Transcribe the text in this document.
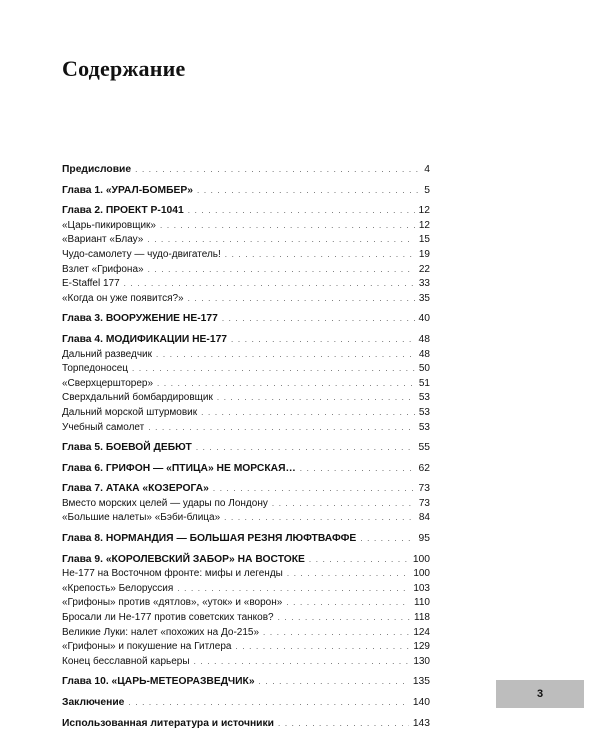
Содержание
Предисловие . . .	4
Глава 1. «УРАЛ-БОМБЕР» . . .	5
Глава 2. ПРОЕКТ P-1041 . . .	12
«Царь-пикировщик» . . .	12
«Вариант «Блау» . . .	15
Чудо-самолету — чудо-двигатель! . . .	19
Взлет «Грифона» . . .	22
E-Staffel 177 . . .	33
«Когда он уже появится?» . . .	35
Глава 3. ВООРУЖЕНИЕ НЕ-177 . . .	40
Глава 4. МОДИФИКАЦИИ НЕ-177 . . .	48
Дальний разведчик . . .	48
Торпедоносец . . .	50
«Сверхцершторер» . . .	51
Сверхдальний бомбардировщик . . .	53
Дальний морской штурмовик . . .	53
Учебный самолет . . .	53
Глава 5. БОЕВОЙ ДЕБЮТ . . .	55
Глава 6. ГРИФОН — «ПТИЦА» НЕ МОРСКАЯ… . . .	62
Глава 7. АТАКА «КОЗЕРОГА» . . .	73
Вместо морских целей — удары по Лондону . . .	73
«Большие налеты» «Бэби-блица» . . .	84
Глава 8. НОРМАНДИЯ — БОЛЬШАЯ РЕЗНЯ ЛЮФТВАФФЕ . . .	95
Глава 9. «КОРОЛЕВСКИЙ ЗАБОР» НА ВОСТОКЕ . . .	100
Не-177 на Восточном фронте: мифы и легенды . . .	100
«Крепость» Белоруссия . . .	103
«Грифоны» против «дятлов», «уток» и «ворон» . . .	110
Бросали ли Не-177 против советских танков? . . .	118
Великие Луки: налет «похожих на До-215» . . .	124
«Грифоны» и покушение на Гитлера . . .	129
Конец бесславной карьеры . . .	130
Глава 10. «ЦАРЬ-МЕТЕОРАЗВЕДЧИК» . . .	135
Заключение . . .	140
Использованная литература и источники . . .	143
3
